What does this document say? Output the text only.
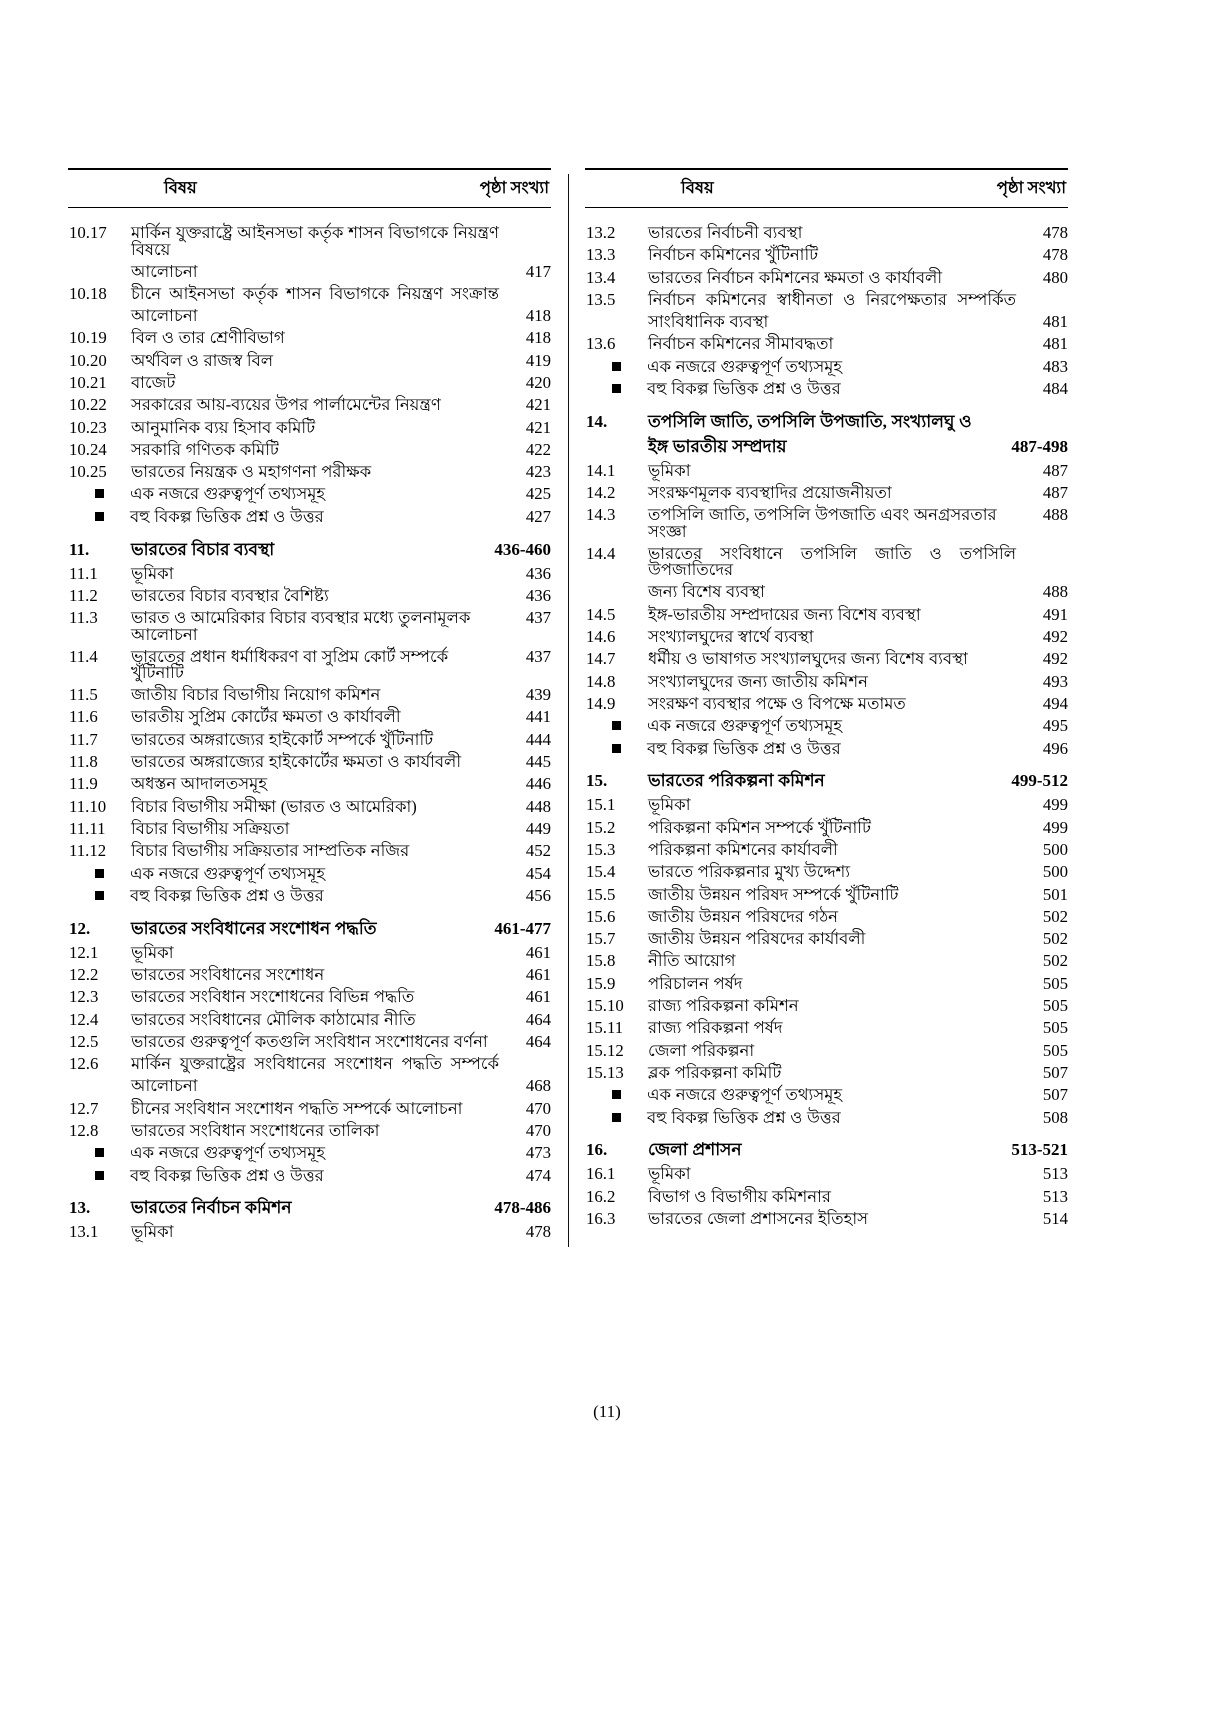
বিষয়	পৃষ্ঠা সংখ্যা
10.17	মার্কিন যুক্তরাষ্ট্রে আইনসভা কর্তৃক শাসন বিভাগকে নিয়ন্ত্রণ বিষয়ে
আলোচনা	417
10.18	চীনে আইনসভা কর্তৃক শাসন বিভাগকে নিয়ন্ত্রণ সংক্রান্ত
আলোচনা	418
10.19	বিল ও তার শ্রেণীবিভাগ	418
10.20	অর্থবিল ও রাজস্ব বিল	419
10.21	বাজেট	420
10.22	সরকারের আয়-ব্যয়ের উপর পার্লামেন্টের নিয়ন্ত্রণ	421
10.23	আনুমানিক ব্যয় হিসাব কমিটি	421
10.24	সরকারি গণিতক কমিটি	422
10.25	ভারতের নিয়ন্ত্রক ও মহাগণনা পরীক্ষক	423
এক নজরে গুরুত্বপূর্ণ তথ্যসমূহ	425
বহু বিকল্প ভিত্তিক প্রশ্ন ও উত্তর	427
11.	ভারতের বিচার ব্যবস্থা	436-460
11.1	ভূমিকা	436
11.2	ভারতের বিচার ব্যবস্থার বৈশিষ্ট্য	436
11.3	ভারত ও আমেরিকার বিচার ব্যবস্থার মধ্যে তুলনামূলক আলোচনা
437
11.4	ভারতের প্রধান ধর্মাধিকরণ বা সুপ্রিম কোর্ট সম্পর্কে খুঁটিনাটি
437
11.5	জাতীয় বিচার বিভাগীয় নিয়োগ কমিশন	439
11.6	ভারতীয় সুপ্রিম কোর্টের ক্ষমতা ও কার্যাবলী	441
11.7	ভারতের অঙ্গরাজ্যের হাইকোর্ট সম্পর্কে খুঁটিনাটি	444
11.8	ভারতের অঙ্গরাজ্যের হাইকোর্টের ক্ষমতা ও কার্যাবলী	445
11.9	অধস্তন আদালতসমূহ	446
11.10	বিচার বিভাগীয় সমীক্ষা (ভারত ও আমেরিকা)	448
11.11	বিচার বিভাগীয় সক্রিয়তা	449
11.12	বিচার বিভাগীয় সক্রিয়তার সাম্প্রতিক নজির	452
এক নজরে গুরুত্বপূর্ণ তথ্যসমূহ	454
বহু বিকল্প ভিত্তিক প্রশ্ন ও উত্তর	456
12.	ভারতের সংবিধানের সংশোধন পদ্ধতি	461-477
12.1	ভূমিকা	461
12.2	ভারতের সংবিধানের সংশোধন	461
12.3	ভারতের সংবিধান সংশোধনের বিভিন্ন পদ্ধতি	461
12.4	ভারতের সংবিধানের মৌলিক কাঠামোর নীতি	464
12.5	ভারতের গুরুত্বপূর্ণ কতগুলি সংবিধান সংশোধনের বর্ণনা	464
12.6	মার্কিন যুক্তরাষ্ট্রের সংবিধানের সংশোধন পদ্ধতি সম্পর্কে
আলোচনা	468
12.7	চীনের সংবিধান সংশোধন পদ্ধতি সম্পর্কে আলোচনা	470
12.8	ভারতের সংবিধান সংশোধনের তালিকা	470
এক নজরে গুরুত্বপূর্ণ তথ্যসমূহ	473
বহু বিকল্প ভিত্তিক প্রশ্ন ও উত্তর	474
13.	ভারতের নির্বাচন কমিশন	478-486
13.1	ভূমিকা	478
বিষয়	পৃষ্ঠা সংখ্যা
13.2	ভারতের নির্বাচনী ব্যবস্থা	478
13.3	নির্বাচন কমিশনের খুঁটিনাটি	478
13.4	ভারতের নির্বাচন কমিশনের ক্ষমতা ও কার্যাবলী	480
13.5	নির্বাচন কমিশনের স্বাধীনতা ও নিরপেক্ষতার সম্পর্কিত
সাংবিধানিক ব্যবস্থা	481
13.6	নির্বাচন কমিশনের সীমাবদ্ধতা	481
এক নজরে গুরুত্বপূর্ণ তথ্যসমূহ	483
বহু বিকল্প ভিত্তিক প্রশ্ন ও উত্তর	484
14.	তপসিলি জাতি, তপসিলি উপজাতি, সংখ্যালঘু ও
ইঙ্গ ভারতীয় সম্প্রদায়	487-498
14.1	ভূমিকা	487
14.2	সংরক্ষণমূলক ব্যবস্থাদির প্রয়োজনীয়তা	487
14.3	তপসিলি জাতি, তপসিলি উপজাতি এবং অনগ্রসরতার সংজ্ঞা
488
14.4	ভারতের সংবিধানে তপসিলি জাতি ও তপসিলি উপজাতিদের
জন্য বিশেষ ব্যবস্থা	488
14.5	ইঙ্গ-ভারতীয় সম্প্রদায়ের জন্য বিশেষ ব্যবস্থা	491
14.6	সংখ্যালঘুদের স্বার্থে ব্যবস্থা	492
14.7	ধর্মীয় ও ভাষাগত সংখ্যালঘুদের জন্য বিশেষ ব্যবস্থা	492
14.8	সংখ্যালঘুদের জন্য জাতীয় কমিশন	493
14.9	সংরক্ষণ ব্যবস্থার পক্ষে ও বিপক্ষে মতামত	494
এক নজরে গুরুত্বপূর্ণ তথ্যসমূহ	495
বহু বিকল্প ভিত্তিক প্রশ্ন ও উত্তর	496
15.	ভারতের পরিকল্পনা কমিশন	499-512
15.1	ভূমিকা	499
15.2	পরিকল্পনা কমিশন সম্পর্কে খুঁটিনাটি	499
15.3	পরিকল্পনা কমিশনের কার্যাবলী	500
15.4	ভারতে পরিকল্পনার মুখ্য উদ্দেশ্য	500
15.5	জাতীয় উন্নয়ন পরিষদ সম্পর্কে খুঁটিনাটি	501
15.6	জাতীয় উন্নয়ন পরিষদের গঠন	502
15.7	জাতীয় উন্নয়ন পরিষদের কার্যাবলী	502
15.8	নীতি আয়োগ	502
15.9	পরিচালন পর্ষদ	505
15.10	রাজ্য পরিকল্পনা কমিশন	505
15.11	রাজ্য পরিকল্পনা পর্ষদ	505
15.12	জেলা পরিকল্পনা	505
15.13	ব্লক পরিকল্পনা কমিটি	507
এক নজরে গুরুত্বপূর্ণ তথ্যসমূহ	507
বহু বিকল্প ভিত্তিক প্রশ্ন ও উত্তর	508
16.	জেলা প্রশাসন	513-521
16.1	ভূমিকা	513
16.2	বিভাগ ও বিভাগীয় কমিশনার	513
16.3	ভারতের জেলা প্রশাসনের ইতিহাস	514
(11)
